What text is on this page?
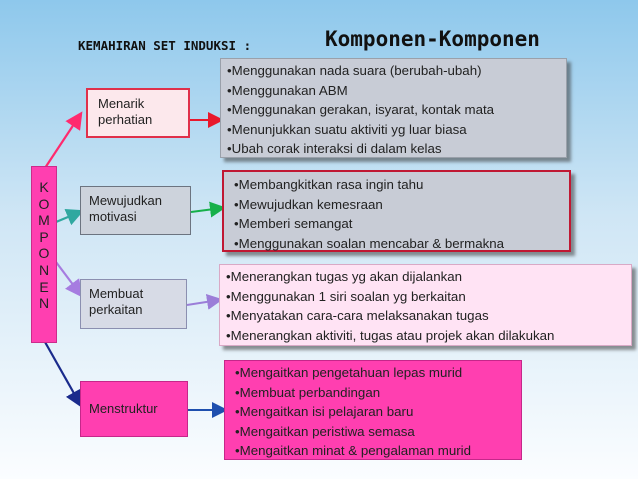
KEMAHIRAN SET INDUKSI :	Komponen-Komponen
K
O
M
P
O
N
E
N
Menarik
perhatian
Mewujudkan
motivasi
Membuat
perkaitan
Menstruktur
•Menggunakan nada suara (berubah-ubah)
•Menggunakan ABM
•Menggunakan gerakan, isyarat, kontak mata
•Menunjukkan suatu aktiviti yg luar biasa
•Ubah corak interaksi di dalam kelas
•Membangkitkan rasa ingin tahu
•Mewujudkan kemesraan
•Memberi semangat
•Menggunakan soalan mencabar & bermakna
•Menerangkan tugas yg akan dijalankan
•Menggunakan 1 siri soalan yg berkaitan
•Menyatakan cara-cara melaksanakan tugas
•Menerangkan aktiviti, tugas atau projek akan dilakukan
•Mengaitkan pengetahuan lepas murid
•Membuat perbandingan
•Mengaitkan isi pelajaran baru
•Mengaitkan peristiwa semasa
•Mengaitkan minat & pengalaman murid
